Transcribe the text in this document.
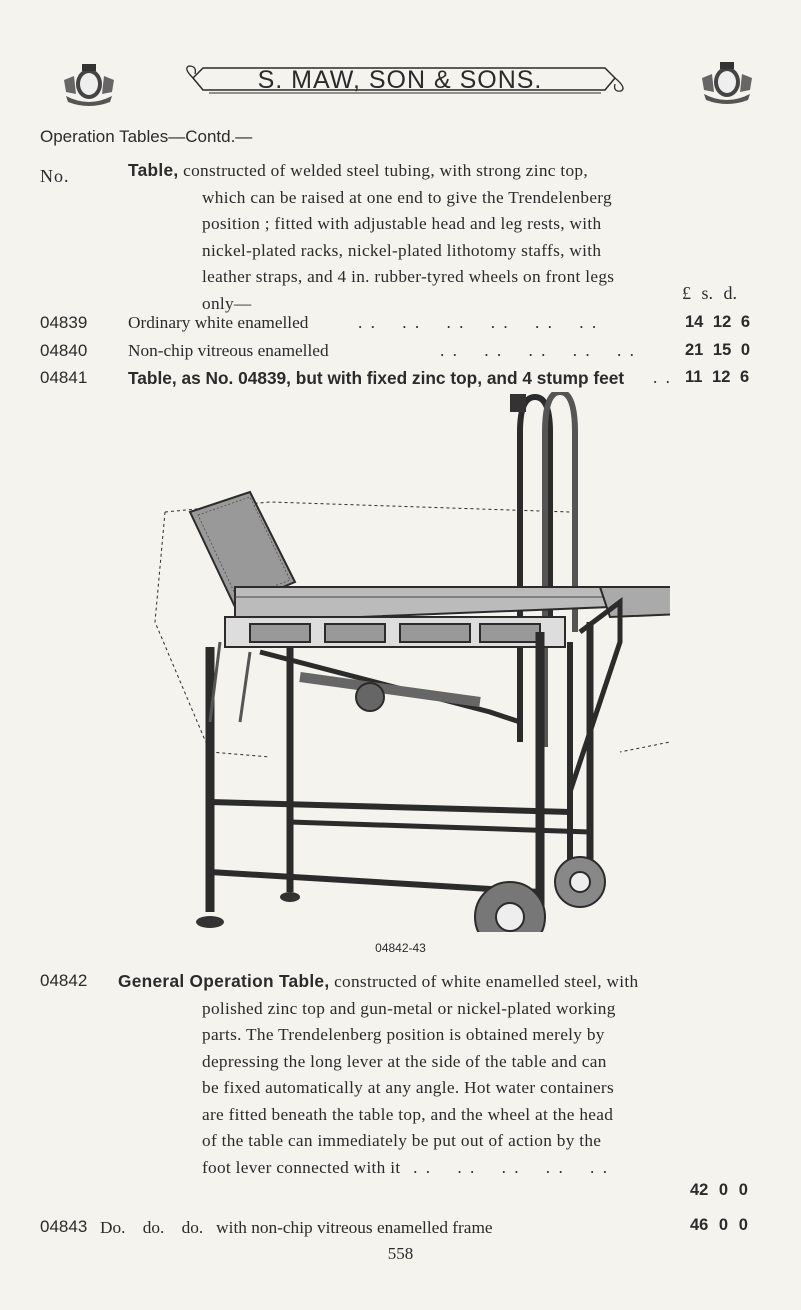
S. MAW, SON & SONS.
Operation Tables—Contd.—
No.	Table, constructed of welded steel tubing, with strong zinc top,
which can be raised at one end to give the Trendelenberg
position ; fitted with adjustable head and leg rests, with
nickel-plated racks, nickel-plated lithotomy staffs, with
leather straps, and 4 in. rubber-tyred wheels on front legs
only—	£ s. d.
04839 Ordinary white enamelled	. .    . .    . .    . .    . .    . .	14 12 6
04840 Non-chip vitreous enamelled	. .    . .    . .    . .    . .	21 15 0
04841 Table, as No. 04839, but with fixed zinc top, and 4 stump feet . . 11 12 6
04842-43
04842 General Operation Table, constructed of white enamelled steel, with
polished zinc top and gun-metal or nickel-plated working
parts. The Trendelenberg position is obtained merely by
depressing the long lever at the side of the table and can
be fixed automatically at any angle. Hot water containers
are fitted beneath the table top, and the wheel at the head
of the table can immediately be put out of action by the
foot lever connected with it  . .    . .    . .    . .    . .
42 0 0
04843 Do.    do.    do.   with non-chip vitreous enamelled frame	46 0 0
558
